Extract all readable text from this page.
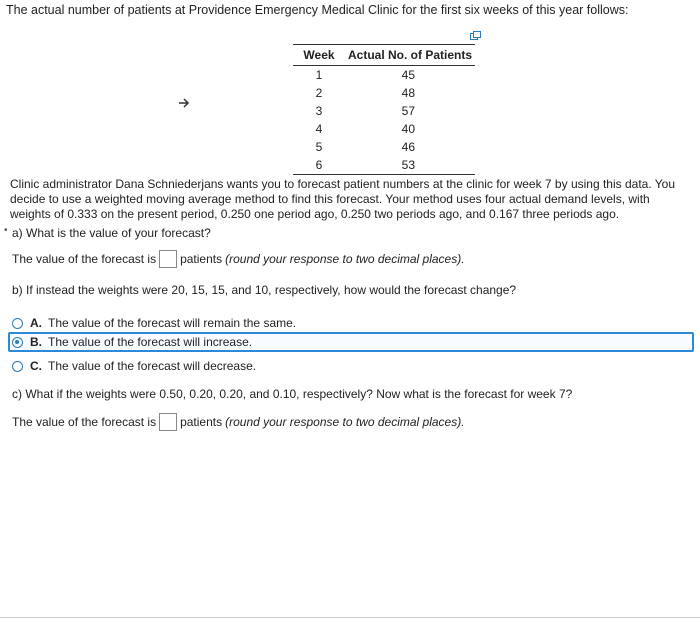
The actual number of patients at Providence Emergency Medical Clinic for the first six weeks of this year follows:
Week	Actual No. of Patients
1	45
2	48
3	57
4	40
5	46
6	53
Clinic administrator Dana Schniederjans wants you to forecast patient numbers at the clinic for week 7 by using this data. You decide to use a weighted moving average method to find this forecast. Your method uses four actual demand levels, with weights of 0.333 on the present period, 0.250 one period ago, 0.250 two periods ago, and 0.167 three periods ago.
• a) What is the value of your forecast?
The value of the forecast is patients (round your response to two decimal places).
b) If instead the weights were 20, 15, 15, and 10, respectively, how would the forecast change?
A. The value of the forecast will remain the same.
B. The value of the forecast will increase.
C. The value of the forecast will decrease.
c) What if the weights were 0.50, 0.20, 0.20, and 0.10, respectively? Now what is the forecast for week 7?
The value of the forecast is patients (round your response to two decimal places).
